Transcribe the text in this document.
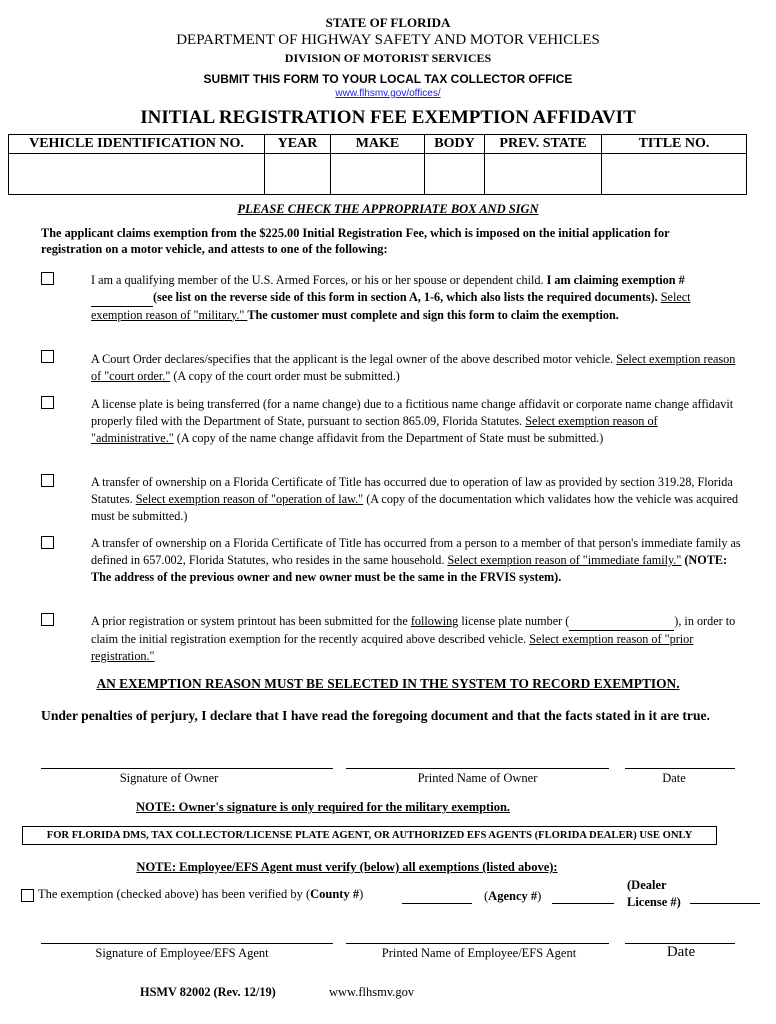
STATE OF FLORIDA
DEPARTMENT OF HIGHWAY SAFETY AND MOTOR VEHICLES
DIVISION OF MOTORIST SERVICES
SUBMIT THIS FORM TO YOUR LOCAL TAX COLLECTOR OFFICE
www.flhsmv.gov/offices/
INITIAL REGISTRATION FEE EXEMPTION AFFIDAVIT
VEHICLE IDENTIFICATION NO.	YEAR	MAKE	BODY	PREV. STATE	TITLE NO.

PLEASE CHECK THE APPROPRIATE BOX AND SIGN
The applicant claims exemption from the $225.00 Initial Registration Fee, which is imposed on the initial application for registration on a motor vehicle, and attests to one of the following:
I am a qualifying member of the U.S. Armed Forces, or his or her spouse or dependent child. I am claiming exemption # (see list on the reverse side of this form in section A, 1-6, which also lists the required documents). Select exemption reason of "military." The customer must complete and sign this form to claim the exemption.
A Court Order declares/specifies that the applicant is the legal owner of the above described motor vehicle. Select exemption reason of "court order." (A copy of the court order must be submitted.)
A license plate is being transferred (for a name change) due to a fictitious name change affidavit or corporate name change affidavit properly filed with the Department of State, pursuant to section 865.09, Florida Statutes. Select exemption reason of "administrative." (A copy of the name change affidavit from the Department of State must be submitted.)
A transfer of ownership on a Florida Certificate of Title has occurred due to operation of law as provided by section 319.28, Florida Statutes. Select exemption reason of "operation of law." (A copy of the documentation which validates how the vehicle was acquired must be submitted.)
A transfer of ownership on a Florida Certificate of Title has occurred from a person to a member of that person's immediate family as defined in 657.002, Florida Statutes, who resides in the same household. Select exemption reason of "immediate family." (NOTE: The address of the previous owner and new owner must be the same in the FRVIS system).
A prior registration or system printout has been submitted for the following license plate number (	), in order to claim the initial registration exemption for the recently acquired above described vehicle. Select exemption reason of "prior registration."
AN EXEMPTION REASON MUST BE SELECTED IN THE SYSTEM TO RECORD EXEMPTION.
Under penalties of perjury, I declare that I have read the foregoing document and that the facts stated in it are true.
Signature of Owner	Printed Name of Owner	Date
NOTE: Owner's signature is only required for the military exemption.
FOR FLORIDA DMS, TAX COLLECTOR/LICENSE PLATE AGENT, OR AUTHORIZED EFS AGENTS (FLORIDA DEALER) USE ONLY
NOTE: Employee/EFS Agent must verify (below) all exemptions (listed above):
The exemption (checked above) has been verified by (County #)	(Agency #)
(Dealer
License #)
Signature of Employee/EFS Agent	Printed Name of Employee/EFS Agent	Date
HSMV 82002 (Rev. 12/19)	www.flhsmv.gov
